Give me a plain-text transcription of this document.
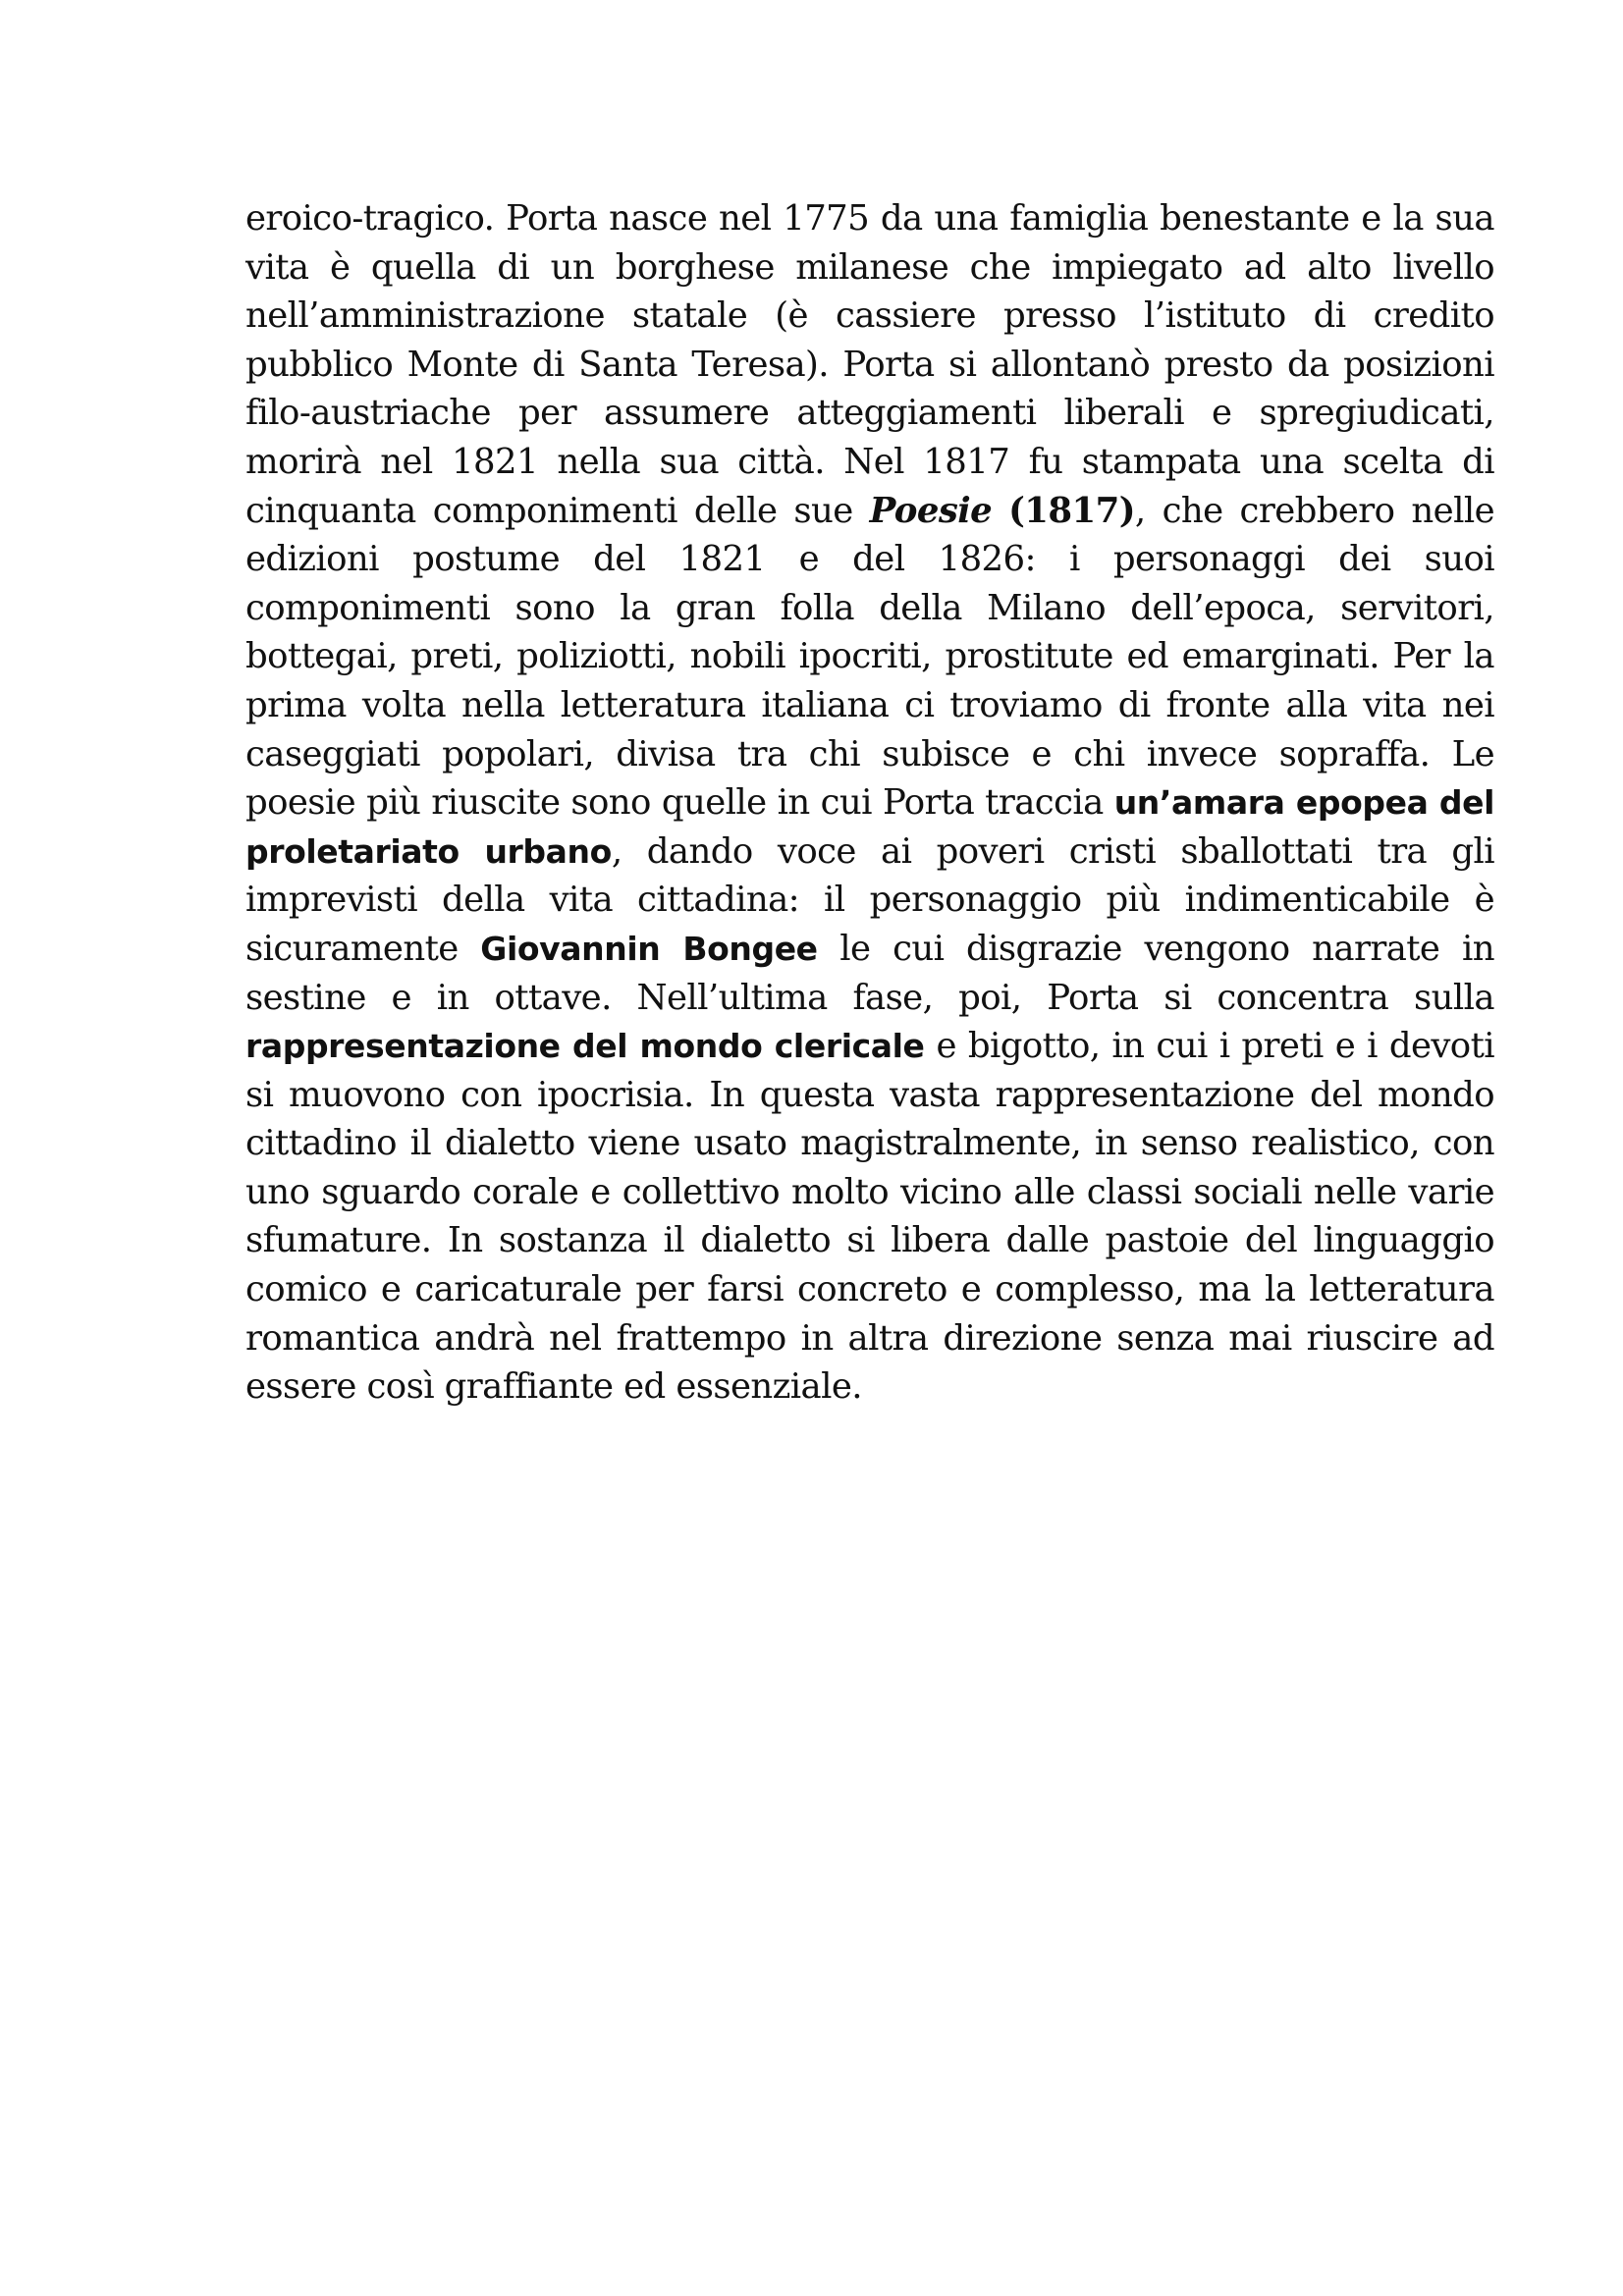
eroico-tragico. Porta nasce nel 1775 da una famiglia benestante e la sua vita è quella di un borghese milanese che impiegato ad alto livello nell’amministrazione statale (è cassiere presso l’istituto di credito pubblico Monte di Santa Teresa). Porta si allontanò presto da posizioni filo-austriache per assumere atteggiamenti liberali e spregiudicati, morirà nel 1821 nella sua città. Nel 1817 fu stampata una scelta di cinquanta componimenti delle sue Poesie (1817), che crebbero nelle edizioni postume del 1821 e del 1826: i personaggi dei suoi componimenti sono la gran folla della Milano dell’epoca, servitori, bottegai, preti, poliziotti, nobili ipocriti, prostitute ed emarginati. Per la prima volta nella letteratura italiana ci troviamo di fronte alla vita nei caseggiati popolari, divisa tra chi subisce e chi invece sopraffa. Le poesie più riuscite sono quelle in cui Porta traccia un’amara epopea del proletariato urbano, dando voce ai poveri cristi sballottati tra gli imprevisti della vita cittadina: il personaggio più indimenticabile è sicuramente Giovannin Bongee le cui disgrazie vengono narrate in sestine e in ottave. Nell’ultima fase, poi, Porta si concentra sulla rappresentazione del mondo clericale e bigotto, in cui i preti e i devoti si muovono con ipocrisia. In questa vasta rappresentazione del mondo cittadino il dialetto viene usato magistralmente, in senso realistico, con uno sguardo corale e collettivo molto vicino alle classi sociali nelle varie sfumature. In sostanza il dialetto si libera dalle pastoie del linguaggio comico e caricaturale per farsi concreto e complesso, ma la letteratura romantica andrà nel frattempo in altra direzione senza mai riuscire ad essere così graffiante ed essenziale.
